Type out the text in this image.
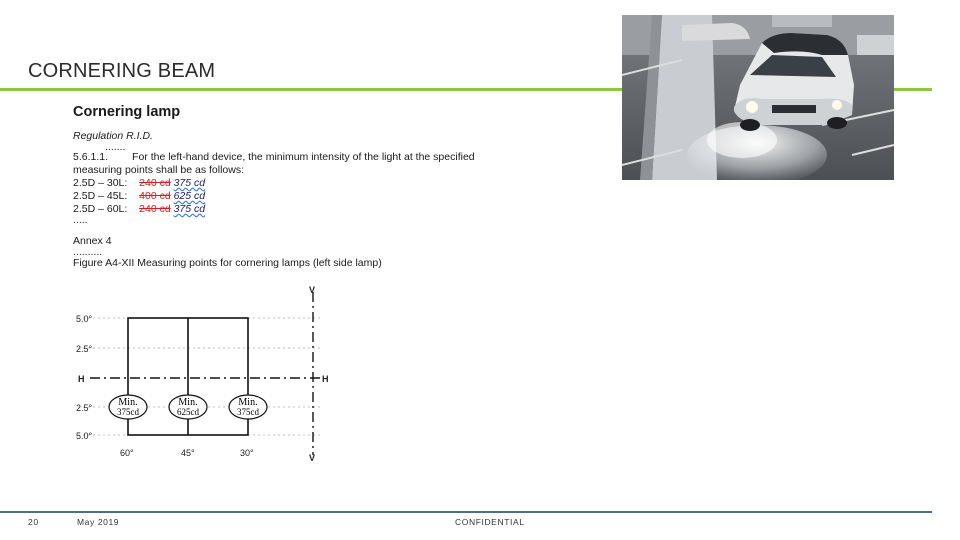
CORNERING BEAM
Cornering lamp
Regulation R.I.D.
.......
5.6.1.1. For the left-hand device, the minimum intensity of the light at the specified
measuring points shall be as follows:
2.5D – 30L: 240 cd 375 cd
2.5D – 45L: 400 cd 625 cd
2.5D – 60L: 240 cd 375 cd
.....
Annex 4
..........
Figure A4-XII Measuring points for cornering lamps (left side lamp)
5.0°
2.5°
2.5°
5.0°
H	H
V
V
60°	45°	30°
Min.
375cd
Min.
625cd
Min.
375cd
20	May 2019	CONFIDENTIAL
